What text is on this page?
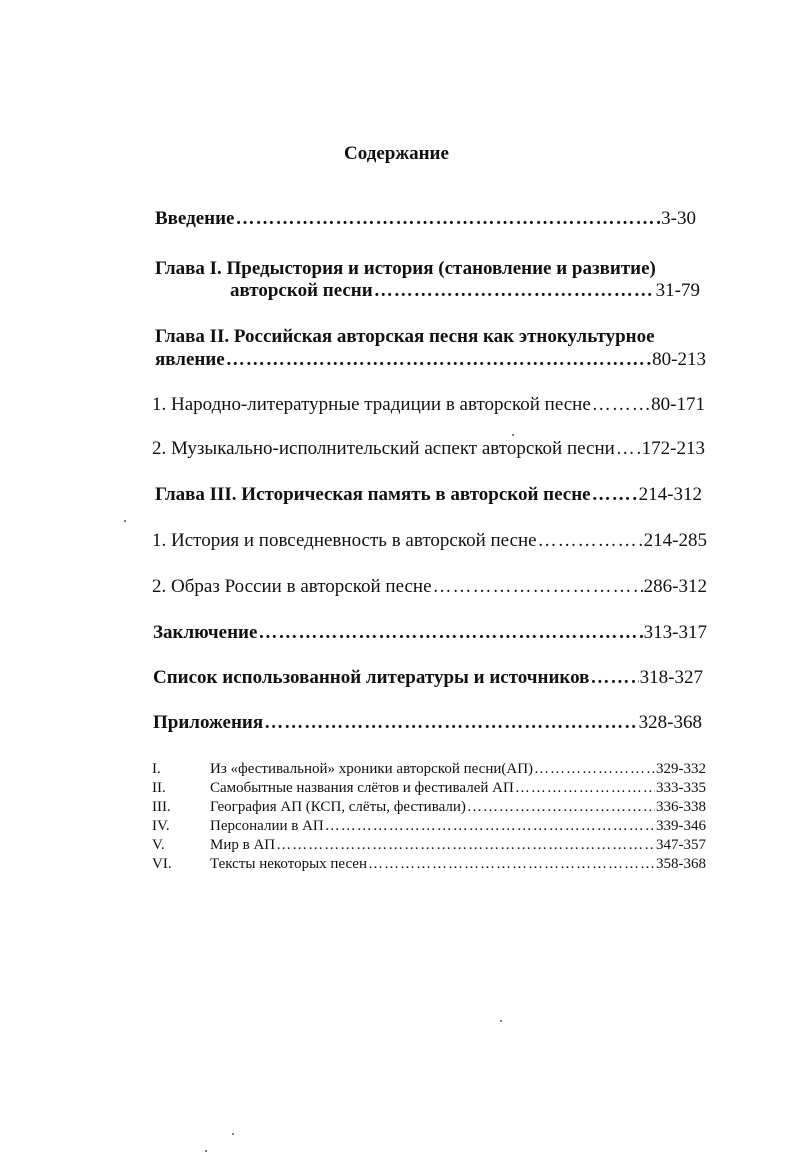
Содержание
Введение ……………………………………………………………………………………………………………………………………………………	3-30
Глава I. Предыстория и история (становление и развитие)
авторской песни ……………………………………………………………………………………………………………………………………………………	31-79
Глава II. Российская авторская песня как этнокультурное
явление ……………………………………………………………………………………………………………………………………………………	80-213
1. Народно-литературные традиции в авторской песне ……………………………………………………………………………………………………………………………………………………	80-171
2. Музыкально-исполнительский аспект авторской песни …………………………………………………………………………………………………………………………………………………… 172-213
Глава III. Историческая память в авторской песне ……………………………………………………………………………………………………………………………………………………	214-312
1. История и повседневность в авторской песне ……………………………………………………………………………………………………………………………………………………	214-285
2. Образ России в авторской песне ……………………………………………………………………………………………………………………………………………………	286-312
Заключение ……………………………………………………………………………………………………………………………………………………	313-317
Список использованной литературы и источников ……………………………………………………………………………………………………………………………………………………	318-327
Приложения ……………………………………………………………………………………………………………………………………………………	328-368
I.	Из «фестивальной» хроники авторской песни(АП) ……………………………………………………………………………………………………………………………………………………	329-332
II.	Самобытные названия слётов и фестивалей АП ……………………………………………………………………………………………………………………………………………………	333-335
III.	География АП (КСП, слёты, фестивали) ……………………………………………………………………………………………………………………………………………………	336-338
IV.	Персоналии в АП ……………………………………………………………………………………………………………………………………………………	339-346
V.	Мир в АП ……………………………………………………………………………………………………………………………………………………	347-357
VI.	Тексты некоторых песен ……………………………………………………………………………………………………………………………………………………	358-368
